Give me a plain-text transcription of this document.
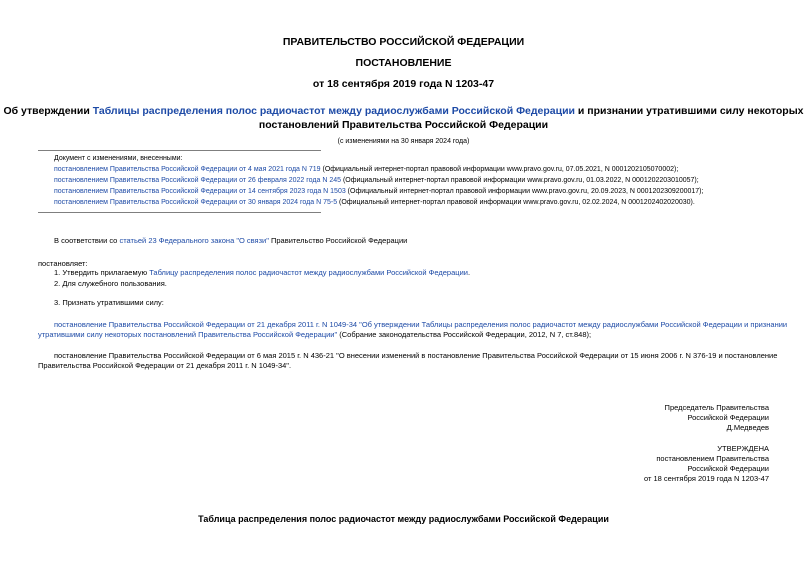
ПРАВИТЕЛЬСТВО РОССИЙСКОЙ ФЕДЕРАЦИИ
ПОСТАНОВЛЕНИЕ
от 18 сентября 2019 года N 1203-47
Об утверждении Таблицы распределения полос радиочастот между радиослужбами Российской Федерации и признании утратившими силу некоторых
постановлений Правительства Российской Федерации
(с изменениями на 30 января 2024 года)
Документ с изменениями, внесенными:
постановлением Правительства Российской Федерации от 4 мая 2021 года N 719 (Официальный интернет-портал правовой информации www.pravo.gov.ru, 07.05.2021, N 0001202105070002);
постановлением Правительства Российской Федерации от 26 февраля 2022 года N 245 (Официальный интернет-портал правовой информации www.pravo.gov.ru, 01.03.2022, N 0001202203010057);
постановлением Правительства Российской Федерации от 14 сентября 2023 года N 1503 (Официальный интернет-портал правовой информации www.pravo.gov.ru, 20.09.2023, N 0001202309200017);
постановлением Правительства Российской Федерации от 30 января 2024 года N 75-5 (Официальный интернет-портал правовой информации www.pravo.gov.ru, 02.02.2024, N 0001202402020030).
В соответствии со статьей 23 Федерального закона "О связи" Правительство Российской Федерации
постановляет:
1. Утвердить прилагаемую Таблицу распределения полос радиочастот между радиослужбами Российской Федерации.
2. Для служебного пользования.
3. Признать утратившими силу:
постановление Правительства Российской Федерации от 21 декабря 2011 г. N 1049-34 "Об утверждении Таблицы распределения полос радиочастот между радиослужбами Российской Федерации и признании
утратившими силу некоторых постановлений Правительства Российской Федерации" (Собрание законодательства Российской Федерации, 2012, N 7, ст.848);
постановление Правительства Российской Федерации от 6 мая 2015 г. N 436-21 "О внесении изменений в постановление Правительства Российской Федерации от 15 июня 2006 г. N 376-19 и постановление
Правительства Российской Федерации от 21 декабря 2011 г. N 1049-34".
Председатель Правительства
Российской Федерации
Д.Медведев
УТВЕРЖДЕНА
постановлением Правительства
Российской Федерации
от 18 сентября 2019 года N 1203-47
Таблица распределения полос радиочастот между радиослужбами Российской Федерации
